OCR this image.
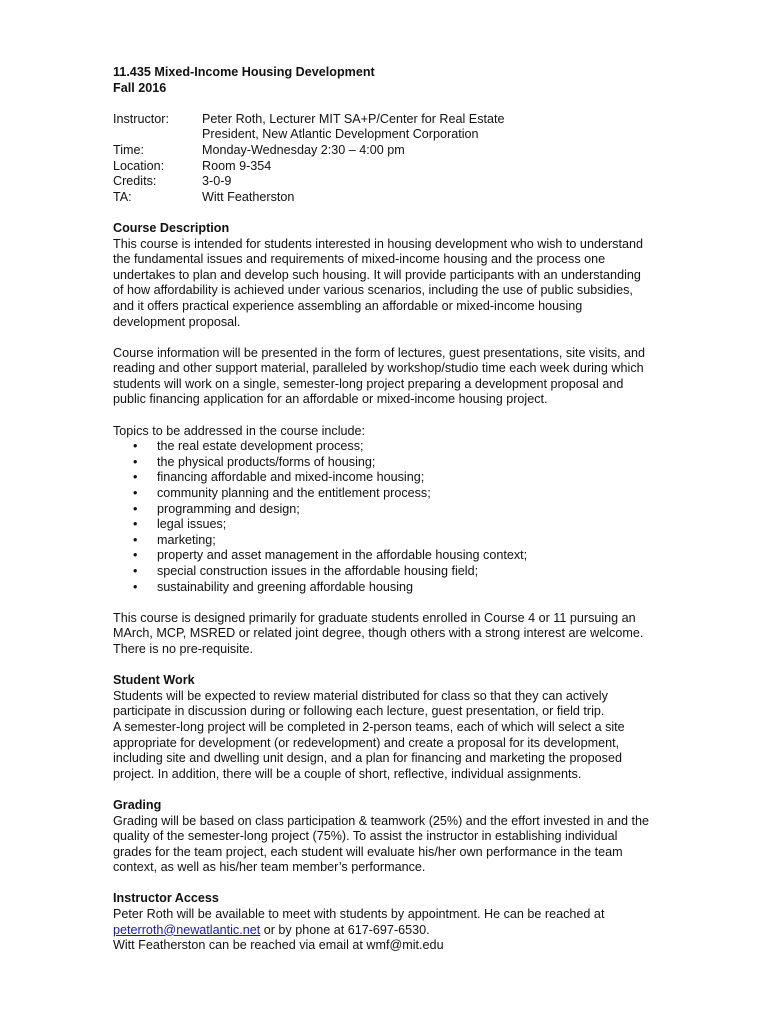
11.435 Mixed-Income Housing Development
Fall 2016
Instructor:	Peter Roth, Lecturer MIT SA+P/Center for Real Estate
President, New Atlantic Development Corporation
Time:	Monday-Wednesday 2:30 – 4:00 pm
Location:	Room 9-354
Credits:	3-0-9
TA:	Witt Featherston
Course Description

This course is intended for students interested in housing development who wish to understand the fundamental issues and requirements of mixed-income housing and the process one undertakes to plan and develop such housing. It will provide participants with an understanding of how affordability is achieved under various scenarios, including the use of public subsidies, and it offers practical experience assembling an affordable or mixed-income housing development proposal.

Course information will be presented in the form of lectures, guest presentations, site visits, and reading and other support material, paralleled by workshop/studio time each week during which students will work on a single, semester-long project preparing a development proposal and public financing application for an affordable or mixed-income housing project.

Topics to be addressed in the course include:

•	the real estate development process;
•	the physical products/forms of housing;
•	financing affordable and mixed-income housing;
•	community planning and the entitlement process;
•	programming and design;
•	legal issues;
•	marketing;
•	property and asset management in the affordable housing context;
•	special construction issues in the affordable housing field;
•	sustainability and greening affordable housing

This course is designed primarily for graduate students enrolled in Course 4 or 11 pursuing an MArch, MCP, MSRED or related joint degree, though others with a strong interest are welcome. There is no pre-requisite.

Student Work

Students will be expected to review material distributed for class so that they can actively participate in discussion during or following each lecture, guest presentation, or field trip.

A semester-long project will be completed in 2-person teams, each of which will select a site appropriate for development (or redevelopment) and create a proposal for its development, including site and dwelling unit design, and a plan for financing and marketing the proposed project. In addition, there will be a couple of short, reflective, individual assignments.

Grading

Grading will be based on class participation & teamwork (25%) and the effort invested in and the quality of the semester-long project (75%). To assist the instructor in establishing individual grades for the team project, each student will evaluate his/her own performance in the team context, as well as his/her team member’s performance.

Instructor Access

Peter Roth will be available to meet with students by appointment. He can be reached at

peterroth@newatlantic.net or by phone at 617-697-6530.

Witt Featherston can be reached via email at wmf@mit.edu
